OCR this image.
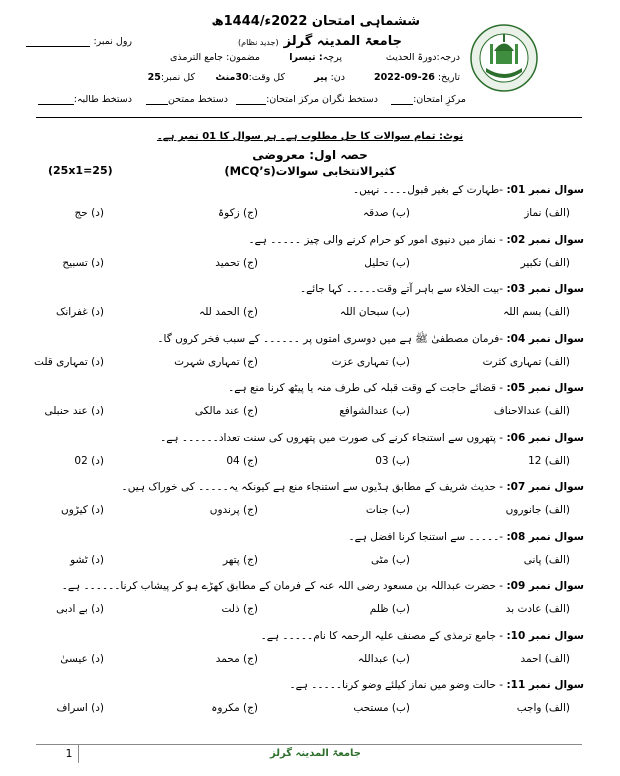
ششماہی امتحان 2022ء/1444ھ
جامعۃ المدینہ گرلز (جدید نظام)
رول نمبر:
درجہ:دورۃ الحدیث
پرچہ: تیسرا
مضمون: جامع الترمذی
تاریخ: 26-09-2022
دن: پیر
کل وقت:30منٹ
کل نمبر:25
مرکزِ امتحان:
دستخط نگران مرکز امتحان:
دستخط ممتحن
دستخط طالبہ:
نوٹ: تمام سوالات کا حل مطلوب ہے۔ ہر سوال کا 01 نمبر ہے۔
حصہ اول: معروضی
کثیرالانتخابی سوالات(MCQ’s)
(25x1=25)
سوال نمبر 01: -طہارت کے بغیر قبول۔۔۔۔ نہیں۔
(الف) نماز
(ب) صدقہ
(ج) زکوۃ
(د) حج
سوال نمبر 02: - نماز میں دنیوی امور کو حرام کرنے والی چیز ۔۔۔۔۔ ہے۔
(الف) تکبیر
(ب) تحلیل
(ج) تحمید
(د) تسبیح
سوال نمبر 03: -بیت الخلاء سے باہر آتے وقت۔۔۔۔۔ کہا جائے۔
(الف) بسم اللہ
(ب) سبحان اللہ
(ج) الحمد للہ
(د) غفرانک
سوال نمبر 04: -فرمان مصطفیٰ ﷺ ہے میں دوسری امتوں پر ۔۔۔۔۔۔ کے سبب فخر کروں گا۔
(الف) تمہاری کثرت
(ب) تمہاری عزت
(ج) تمہاری شہرت
(د) تمہاری قلت
سوال نمبر 05: - قضائے حاجت کے وقت قبلہ کی طرف منہ یا پیٹھ کرنا منع ہے۔
(الف) عندالاحناف
(ب) عندالشوافع
(ج) عند مالکی
(د) عند حنبلی
سوال نمبر 06: - پتھروں سے استنجاء کرنے کی صورت میں پتھروں کی سنت تعداد۔۔۔۔۔۔ ہے۔
(الف) 12
(ب) 03
(ج) 04
(د) 02
سوال نمبر 07: - حدیث شریف کے مطابق ہڈیوں سے استنجاء منع ہے کیونکہ یہ۔۔۔۔۔ کی خوراک ہیں۔
(الف) جانوروں
(ب) جنات
(ج) پرندوں
(د) کیڑوں
سوال نمبر 08: -۔۔۔۔۔ سے استنجا کرنا افضل ہے۔
(الف) پانی
(ب) مٹی
(ج) پتھر
(د) ٹشو
سوال نمبر 09: - حضرت عبداللہ بن مسعود رضی اللہ عنہ کے فرمان کے مطابق کھڑے ہو کر پیشاب کرنا۔۔۔۔۔۔ ہے۔
(الف) عادت بد
(ب) ظلم
(ج) ذلت
(د) بے ادبی
سوال نمبر 10: - جامع ترمذی کے مصنف علیہ الرحمہ کا نام۔۔۔۔۔ ہے۔
(الف) احمد
(ب) عبداللہ
(ج) محمد
(د) عیسیٰ
سوال نمبر 11: - حالت وضو میں نماز کیلئے وضو کرنا۔۔۔۔۔ ہے۔
(الف) واجب
(ب) مستحب
(ج) مکروہ
(د) اسراف
1	جامعۃ المدینہ گرلز
